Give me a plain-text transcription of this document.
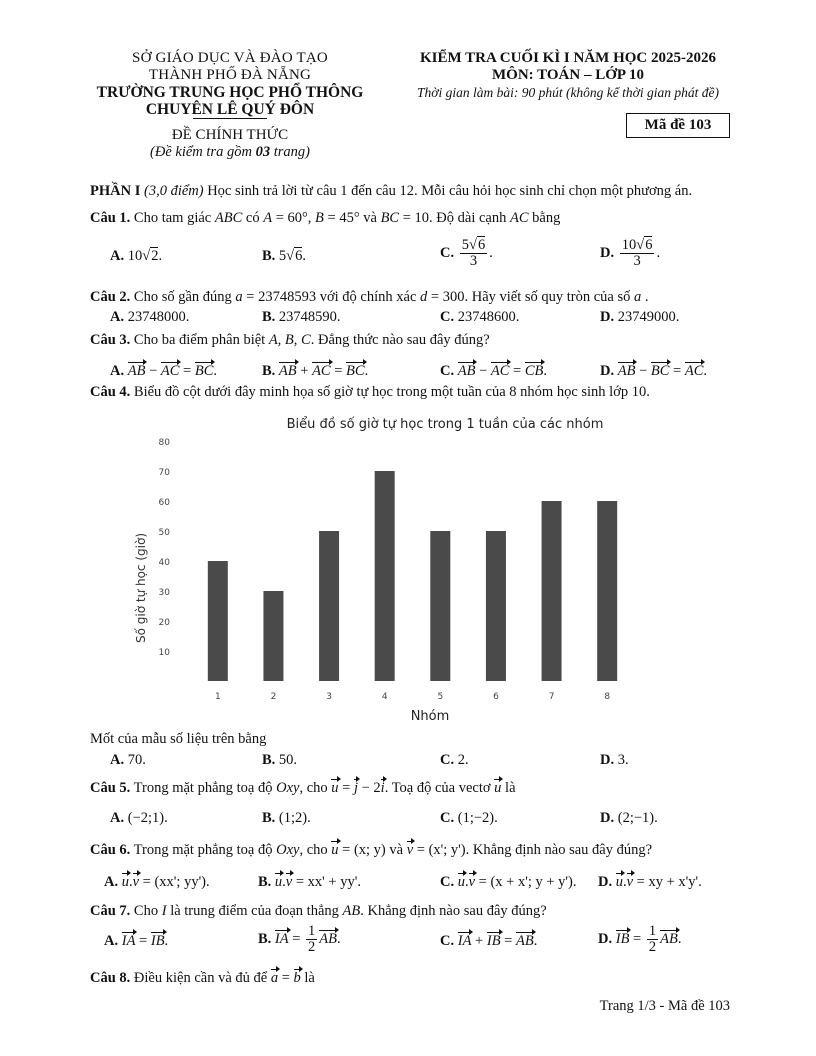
SỞ GIÁO DỤC VÀ ĐÀO TẠO
THÀNH PHỐ ĐÀ NẴNG
TRƯỜNG TRUNG HỌC PHỔ THÔNG
CHUYÊN LÊ QUÝ ĐÔN
ĐỀ CHÍNH THỨC
(Đề kiểm tra gồm 03 trang)
KIỂM TRA CUỐI KÌ I NĂM HỌC 2025-2026
MÔN: TOÁN – LỚP 10
Thời gian làm bài: 90 phút (không kể thời gian phát đề)
Mã đề 103
PHẦN I (3,0 điểm) Học sinh trả lời từ câu 1 đến câu 12. Mỗi câu hỏi học sinh chỉ chọn một phương án.
Câu 1. Cho tam giác ABC có A = 60°, B = 45° và BC = 10. Độ dài cạnh AC bằng
A. 10√2.	B. 5√6.	C. $\frac{5√6}{3}$ .	D. $\frac{10√6}{3}$ .
Câu 2. Cho số gần đúng a = 23748593 với độ chính xác d = 300. Hãy viết số quy tròn của số a .
A. 23748000.	B. 23748590.	C. 23748600.	D. 23749000.
Câu 3. Cho ba điểm phân biệt A, B, C. Đẳng thức nào sau đây đúng?
A. AB − AC = BC.	B. AB + AC = BC.	C. AB − AC = CB.	D. AB − BC = AC.
Câu 4. Biểu đồ cột dưới đây minh họa số giờ tự học trong một tuần của 8 nhóm học sinh lớp 10.
Biểu đồ số giờ tự học trong 1 tuần của các nhóm
Nhóm
Số giờ tự học (giờ)
10
20
30
40
50
60
70
80
1	2	3	4	5	6	7	8
Mốt của mẫu số liệu trên bằng
A. 70.	B. 50.	C. 2.	D. 3.
Câu 5. Trong mặt phẳng toạ độ Oxy, cho u = j − 2i. Toạ độ của vectơ u là
A. (−2;1).	B. (1;2).	C. (1;−2).	D. (2;−1).
Câu 6. Trong mặt phẳng toạ độ Oxy, cho u = (x; y) và v = (x'; y'). Khẳng định nào sau đây đúng?
A. u.v = (xx'; yy').	B. u.v = xx' + yy'.	C. u.v = (x + x'; y + y'). D. u.v = xy + x'y'.
Câu 7. Cho I là trung điểm của đoạn thẳng AB. Khẳng định nào sau đây đúng?
A. IA = IB.	B. IA = $\frac{1}{2}$ AB.	C. IA + IB = AB.	D. IB = $\frac{1}{2}$ AB.
Câu 8. Điều kiện cần và đủ để a = b là
Trang 1/3 - Mã đề 103
